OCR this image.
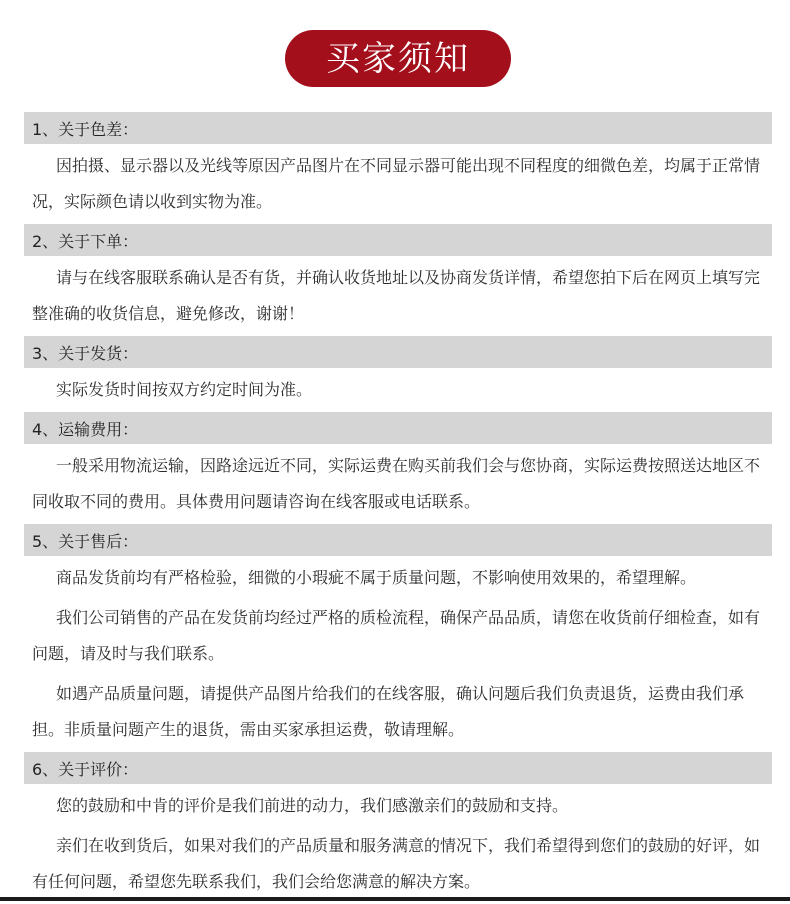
买家须知
1、关于色差：

因拍摄、显示器以及光线等原因产品图片在不同显示器可能出现不同程度的细微色差，均属于正常情况，实际颜色请以收到实物为准。

2、关于下单：

请与在线客服联系确认是否有货，并确认收货地址以及协商发货详情，希望您拍下后在网页上填写完整准确的收货信息，避免修改，谢谢！

3、关于发货：

实际发货时间按双方约定时间为准。

4、运输费用：

一般采用物流运输，因路途远近不同，实际运费在购买前我们会与您协商，实际运费按照送达地区不同收取不同的费用。具体费用问题请咨询在线客服或电话联系。

5、关于售后：

商品发货前均有严格检验，细微的小瑕疵不属于质量问题，不影响使用效果的，希望理解。

我们公司销售的产品在发货前均经过严格的质检流程，确保产品品质，请您在收货前仔细检查，如有问题，请及时与我们联系。

如遇产品质量问题，请提供产品图片给我们的在线客服，确认问题后我们负责退货，运费由我们承担。非质量问题产生的退货，需由买家承担运费，敬请理解。

6、关于评价：

您的鼓励和中肯的评价是我们前进的动力，我们感激亲们的鼓励和支持。

亲们在收到货后，如果对我们的产品质量和服务满意的情况下，我们希望得到您们的鼓励的好评，如有任何问题，希望您先联系我们，我们会给您满意的解决方案。
